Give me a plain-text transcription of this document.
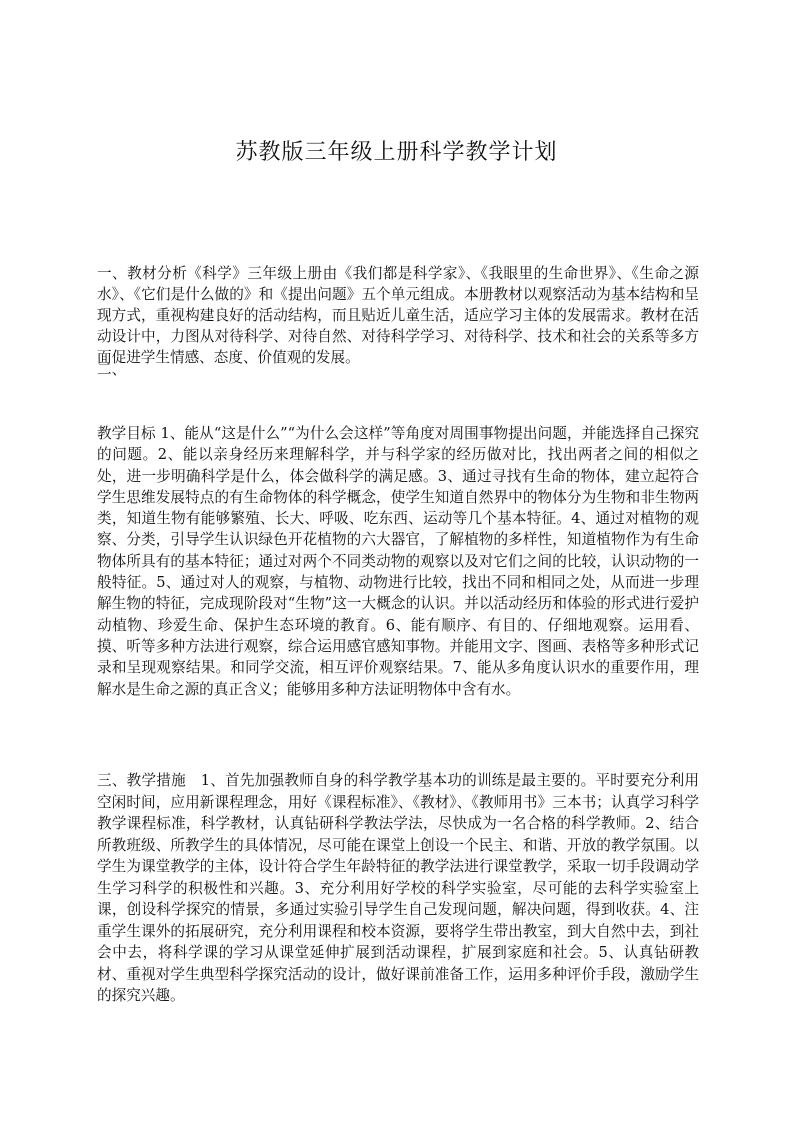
苏教版三年级上册科学教学计划

一、教材分析《科学》三年级上册由《我们都是科学家》、《我眼里的生命世界》、《生命之源水》、《它们是什么做的》和《提出问题》五个单元组成。本册教材以观察活动为基本结构和呈现方式，重视构建良好的活动结构，而且贴近儿童生活，适应学习主体的发展需求。教材在活动设计中，力图从对待科学、对待自然、对待科学学习、对待科学、技术和社会的关系等多方面促进学生情感、态度、价值观的发展。

二、

教学目标 1、能从“这是什么”“为什么会这样”等角度对周围事物提出问题，并能选择自己探究的问题。2、能以亲身经历来理解科学，并与科学家的经历做对比，找出两者之间的相似之处，进一步明确科学是什么，体会做科学的满足感。3、通过寻找有生命的物体，建立起符合学生思维发展特点的有生命物体的科学概念，使学生知道自然界中的物体分为生物和非生物两类，知道生物有能够繁殖、长大、呼吸、吃东西、运动等几个基本特征。4、通过对植物的观察、分类，引导学生认识绿色开花植物的六大器官，了解植物的多样性，知道植物作为有生命物体所具有的基本特征；通过对两个不同类动物的观察以及对它们之间的比较，认识动物的一般特征。5、通过对人的观察，与植物、动物进行比较，找出不同和相同之处，从而进一步理解生物的特征，完成现阶段对“生物”这一大概念的认识。并以活动经历和体验的形式进行爱护动植物、珍爱生命、保护生态环境的教育。6、能有顺序、有目的、仔细地观察。运用看、摸、听等多种方法进行观察，综合运用感官感知事物。并能用文字、图画、表格等多种形式记录和呈现观察结果。和同学交流，相互评价观察结果。7、能从多角度认识水的重要作用，理解水是生命之源的真正含义；能够用多种方法证明物体中含有水。

三、教学措施　1、首先加强教师自身的科学教学基本功的训练是最主要的。平时要充分利用空闲时间，应用新课程理念，用好《课程标准》、《教材》、《教师用书》三本书；认真学习科学教学课程标准，科学教材，认真钻研科学教法学法，尽快成为一名合格的科学教师。2、结合所教班级、所教学生的具体情况，尽可能在课堂上创设一个民主、和谐、开放的教学氛围。以学生为课堂教学的主体，设计符合学生年龄特征的教学法进行课堂教学，采取一切手段调动学生学习科学的积极性和兴趣。3、充分利用好学校的科学实验室，尽可能的去科学实验室上课，创设科学探究的情景，多通过实验引导学生自己发现问题，解决问题，得到收获。4、注重学生课外的拓展研究，充分利用课程和校本资源，要将学生带出教室，到大自然中去，到社会中去，将科学课的学习从课堂延伸扩展到活动课程，扩展到家庭和社会。5、认真钻研教材、重视对学生典型科学探究活动的设计，做好课前准备工作，运用多种评价手段，激励学生的探究兴趣。
